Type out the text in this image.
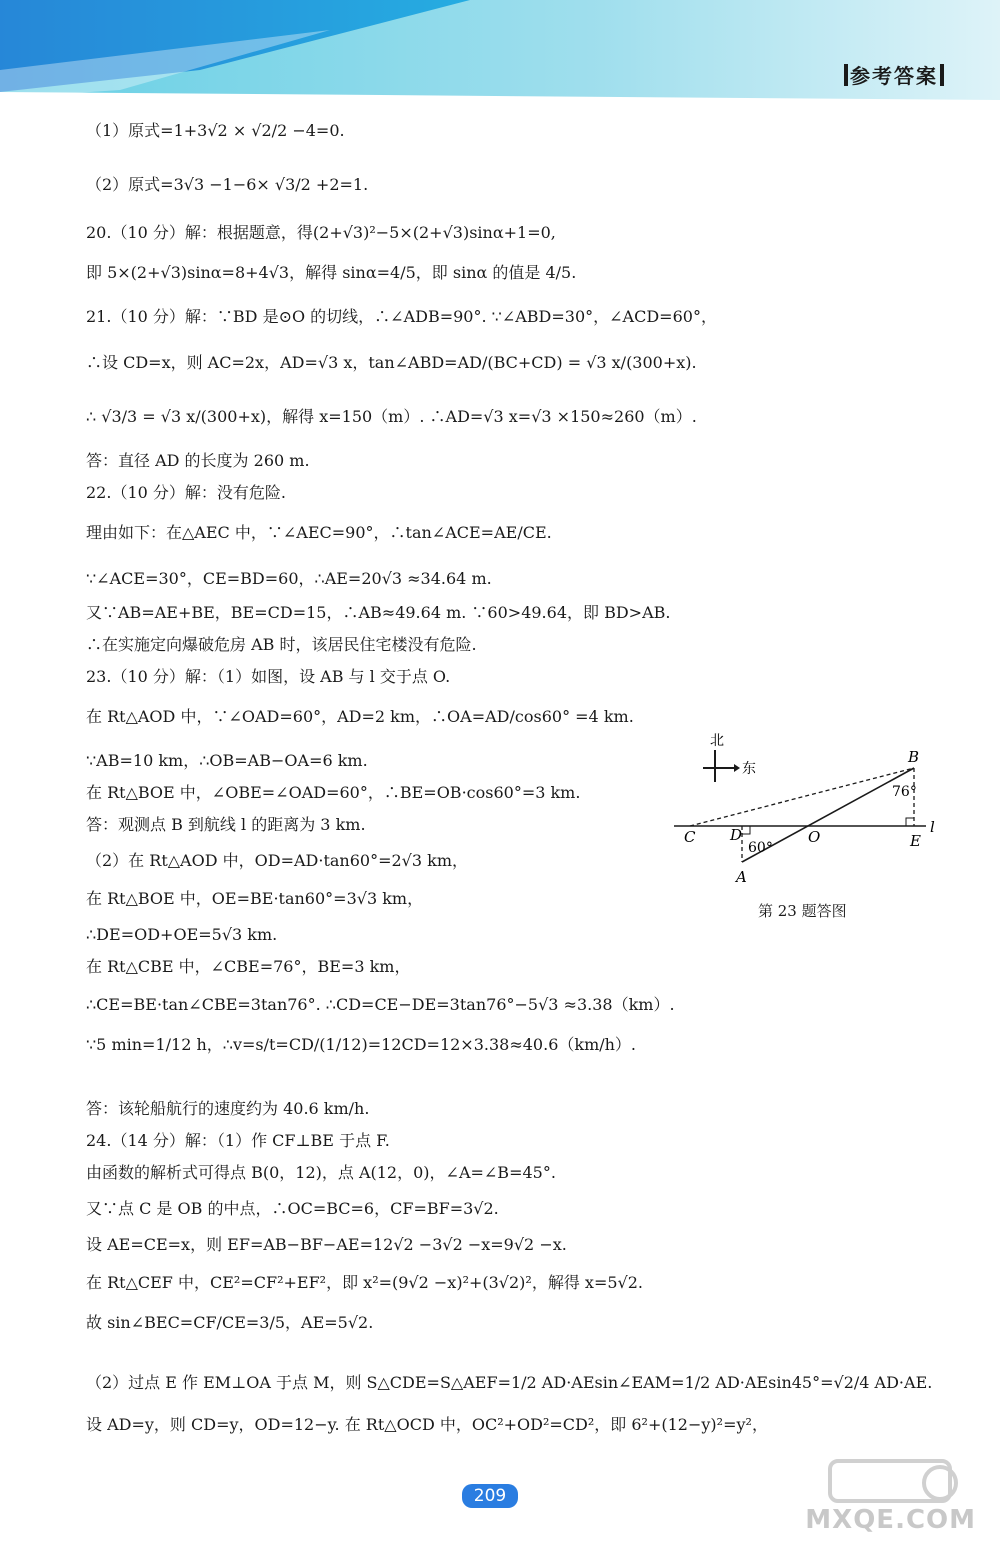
参考答案
（1）原式=1+3√2 × √2/2 −4=0.
（2）原式=3√3 −1−6× √3/2 +2=1.
20.（10 分）解：根据题意，得(2+√3)²−5×(2+√3)sinα+1=0,
即 5×(2+√3)sinα=8+4√3，解得 sinα=4/5，即 sinα 的值是 4/5.
21.（10 分）解：∵BD 是⊙O 的切线，∴∠ADB=90°. ∵∠ABD=30°，∠ACD=60°，
∴设 CD=x，则 AC=2x，AD=√3 x，tan∠ABD=AD/(BC+CD) = √3 x/(300+x).
∴ √3/3 = √3 x/(300+x)，解得 x=150（m）. ∴AD=√3 x=√3 ×150≈260（m）.
答：直径 AD 的长度为 260 m.
22.（10 分）解：没有危险.
理由如下：在△AEC 中，∵∠AEC=90°，∴tan∠ACE=AE/CE.
∵∠ACE=30°，CE=BD=60，∴AE=20√3 ≈34.64 m.
又∵AB=AE+BE，BE=CD=15，∴AB≈49.64 m. ∵60>49.64，即 BD>AB.
∴在实施定向爆破危房 AB 时，该居民住宅楼没有危险.
23.（10 分）解：（1）如图，设 AB 与 l 交于点 O.
在 Rt△AOD 中，∵∠OAD=60°，AD=2 km，∴OA=AD/cos60° =4 km.
∵AB=10 km，∴OB=AB−OA=6 km.
在 Rt△BOE 中，∠OBE=∠OAD=60°，∴BE=OB·cos60°=3 km.
答：观测点 B 到航线 l 的距离为 3 km.
（2）在 Rt△AOD 中，OD=AD·tan60°=2√3 km，
在 Rt△BOE 中，OE=BE·tan60°=3√3 km，
∴DE=OD+OE=5√3 km.
在 Rt△CBE 中，∠CBE=76°，BE=3 km，
∴CE=BE·tan∠CBE=3tan76°. ∴CD=CE−DE=3tan76°−5√3 ≈3.38（km）.
∵5 min=1/12 h，∴v=s/t=CD/(1/12)=12CD=12×3.38≈40.6（km/h）.
答：该轮船航行的速度约为 40.6 km/h.
24.（14 分）解：（1）作 CF⊥BE 于点 F.
由函数的解析式可得点 B(0，12)，点 A(12，0)，∠A=∠B=45°.
又∵点 C 是 OB 的中点，∴OC=BC=6，CF=BF=3√2.
设 AE=CE=x，则 EF=AB−BF−AE=12√2 −3√2 −x=9√2 −x.
在 Rt△CEF 中，CE²=CF²+EF²，即 x²=(9√2 −x)²+(3√2)²，解得 x=5√2.
故 sin∠BEC=CF/CE=3/5，AE=5√2.
（2）过点 E 作 EM⊥OA 于点 M，则 S△CDE=S△AEF=1/2 AD·AEsin∠EAM=1/2 AD·AEsin45°=√2/4 AD·AE.
设 AD=y，则 CD=y，OD=12−y. 在 Rt△OCD 中，OC²+OD²=CD²，即 6²+(12−y)²=y²，
北
东
C D	O	E
B
A
l
76°
60°
第 23 题答图
209
MXQE.COM
